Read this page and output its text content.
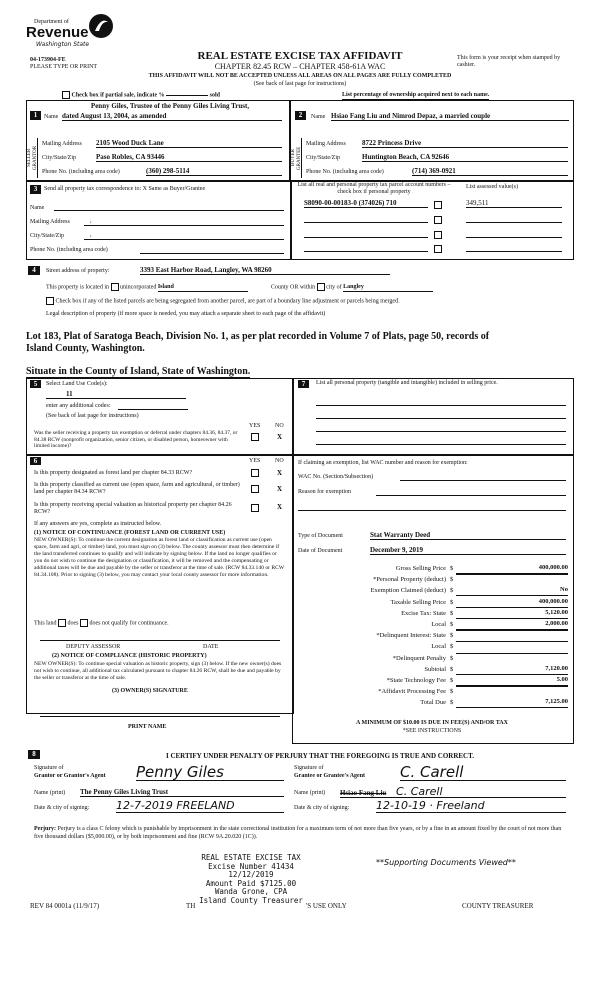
Department of
Revenue
Washington State
04-173904-FE
PLEASE TYPE OR PRINT
REAL ESTATE EXCISE TAX AFFIDAVIT
CHAPTER 82.45 RCW – CHAPTER 458-61A WAC
This form is your receipt when stamped by cashier.
THIS AFFIDAVIT WILL NOT BE ACCEPTED UNLESS ALL AREAS ON ALL PAGES ARE FULLY COMPLETED
(See back of last page for instructions)
Check box if partial sale, indicate %	sold	List percentage of ownership acquired next to each name.
SELLER GRANTOR	BUYER GRANTEE
1	2
Penny Giles, Trustee of the Penny Giles Living Trust,
Name dated August 13, 2004, as amended	Name Hsiao Fang Liu and Nimrod Depaz, a married couple
Mailing Address 2105 Wood Duck Lane
City/State/Zip	Paso Robles, CA 93446
Phone No. (including area code)	(360) 298-5114
Mailing Address 8722 Princess Drive
City/State/Zip	Huntington Beach, CA 92646
Phone No. (including area code)	(714) 369-0921
3	Send all property tax correspondence to: X Same as Buyer/Grantee
Name
Mailing Address	,
City/State/Zip	,
Phone No. (including area code)
List all real and personal property tax parcel account numbers – check box if personal property
List assessed value(s)
S8090-00-00183-0 (374026) 710	349,511
4	Street address of property:	3393 East Harbor Road, Langley, WA 98260
This property is located in unincorporated Island	County OR within city of Langley
Check box if any of the listed parcels are being segregated from another parcel, are part of a boundary line adjustment or parcels being merged.
Legal description of property (if more space is needed, you may attach a separate sheet to each page of the affidavit)
Lot 183, Plat of Saratoga Beach, Division No. 1, as per plat recorded in Volume 7 of Plats, page 50, records of
Island County, Washington.
Situate in the County of Island, State of Washington.
5	Select Land Use Code(s):
11
enter any additional codes:
(See back of last page for instructions)
YES NO
Was the seller receiving a property tax exemption or deferral under chapters 84.36, 84.37, or 84.38 RCW (nonprofit organization, senior citizen, or disabled person, homeowner with limited income)?
X
6	YES NO
Is this property designated as forest land per chapter 84.33 RCW?	X
Is this property classified as current use (open space, farm and agricultural, or timber) land per chapter 84.34 RCW?	X
Is this property receiving special valuation as historical property per chapter 84.26 RCW?
X
If any answers are yes, complete as instructed below.
(1) NOTICE OF CONTINUANCE (FOREST LAND OR CURRENT USE)
NEW OWNER(S): To continue the current designation as forest land or classification as current use (open space, farm and agri, or timber) land, you must sign on (3) below. The county assessor must then determine if the land transferred continues to qualify and will indicate by signing below. If the land no longer qualifies or you do not wish to continue the designation or classification, it will be removed and the compensating or additional taxes will be due and payable by the seller or transferor at the time of sale. (RCW 84.33.140 or RCW 84.34.108). Prior to signing (3) below, you may contact your local county assessor for more information.
This land does does not qualify for continuance.
DEPUTY ASSESSOR	DATE
(2) NOTICE OF COMPLIANCE (HISTORIC PROPERTY)
NEW OWNER(S): To continue special valuation as historic property, sign (3) below. If the new owner(s) does not wish to continue, all additional tax calculated pursuant to chapter 84.26 RCW, shall be due and payable by the seller or transferor at the time of sale.
(3) OWNER(S) SIGNATURE
PRINT NAME
7	List all personal property (tangible and intangible) included in selling price.
If claiming an exemption, list WAC number and reason for exemption:
WAC No. (Section/Subsection)
Reason for exemption
Type of Document	Stat Warranty Deed
Date of Document	December 9, 2019
Gross Selling Price $	400,000.00
*Personal Property (deduct) $
Exemption Claimed (deduct) $	No
Taxable Selling Price $	400,000.00
Excise Tax: State $	5,120.00
Local $	2,000.00
*Delinquent Interest: State $
Local $
*Delinquent Penalty $
Subtotal $	7,120.00
*State Technology Fee $	5.00
*Affidavit Processing Fee $
Total Due $	7,125.00
A MINIMUM OF $10.00 IS DUE IN FEE(S) AND/OR TAX
*SEE INSTRUCTIONS
8	I CERTIFY UNDER PENALTY OF PERJURY THAT THE FOREGOING IS TRUE AND CORRECT.
Signature of
Grantor or Grantor's Agent Penny Giles
Name (print) The Penny Giles Living Trust
Date & city of signing: 12-7-2019 FREELAND
Signature of
Grantee or Grantee's Agent C. Carell
Name (print) Hsiao Fang Liu C. Carell
Date & city of signing: 12-10-19 · Freeland
Perjury: Perjury is a class C felony which is punishable by imprisonment in the state correctional institution for a maximum term of not more than five years, or by a fine in an amount fixed by the court of not more than five thousand dollars ($5,000.00), or by both imprisonment and fine (RCW 9A.20.020 (1C)).
REAL ESTATE EXCISE TAX
Excise Number 41434
12/12/2019
Amount Paid $7125.00
Wanda Grone, CPA
Island County Treasurer
**Supporting Documents Viewed**
REV 84 0001a (11/9/17)	TH	'S USE ONLY	COUNTY TREASURER
